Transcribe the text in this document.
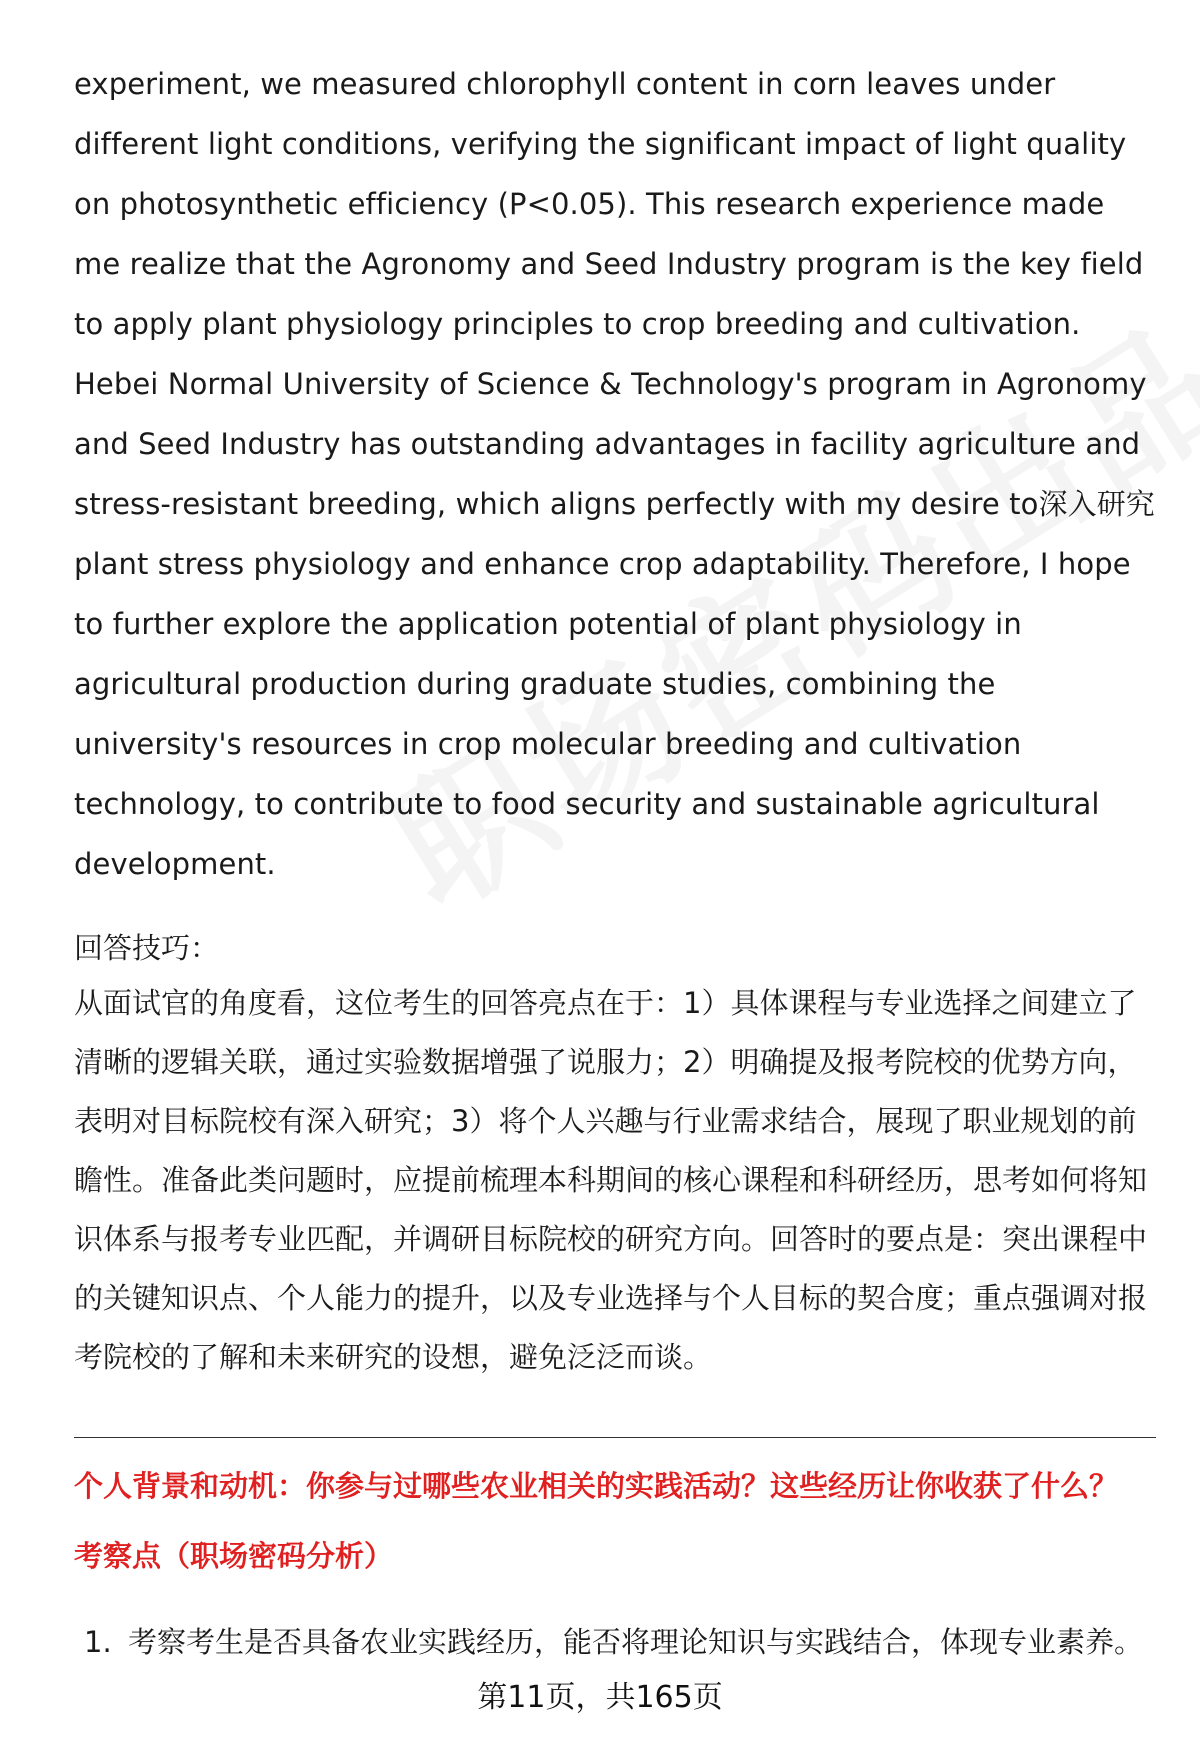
experiment, we measured chlorophyll content in corn leaves under different light conditions, verifying the significant impact of light quality on photosynthetic efficiency (P<0.05). This research experience made me realize that the Agronomy and Seed Industry program is the key field to apply plant physiology principles to crop breeding and cultivation. Hebei Normal University of Science & Technology's program in Agronomy and Seed Industry has outstanding advantages in facility agriculture and stress-resistant breeding, which aligns perfectly with my desire to深入研究 plant stress physiology and enhance crop adaptability. Therefore, I hope to further explore the application potential of plant physiology in agricultural production during graduate studies, combining the university's resources in crop molecular breeding and cultivation technology, to contribute to food security and sustainable agricultural development.

回答技巧：

从面试官的角度看，这位考生的回答亮点在于：1）具体课程与专业选择之间建立了清晰的逻辑关联，通过实验数据增强了说服力；2）明确提及报考院校的优势方向，表明对目标院校有深入研究；3）将个人兴趣与行业需求结合，展现了职业规划的前瞻性。准备此类问题时，应提前梳理本科期间的核心课程和科研经历，思考如何将知识体系与报考专业匹配，并调研目标院校的研究方向。回答时的要点是：突出课程中的关键知识点、个人能力的提升，以及专业选择与个人目标的契合度；重点强调对报考院校的了解和未来研究的设想，避免泛泛而谈。

个人背景和动机：你参与过哪些农业相关的实践活动？这些经历让你收获了什么？

考察点（职场密码分析）

1. 考察考生是否具备农业实践经历，能否将理论知识与实践结合，体现专业素养。
第11页，共165页
